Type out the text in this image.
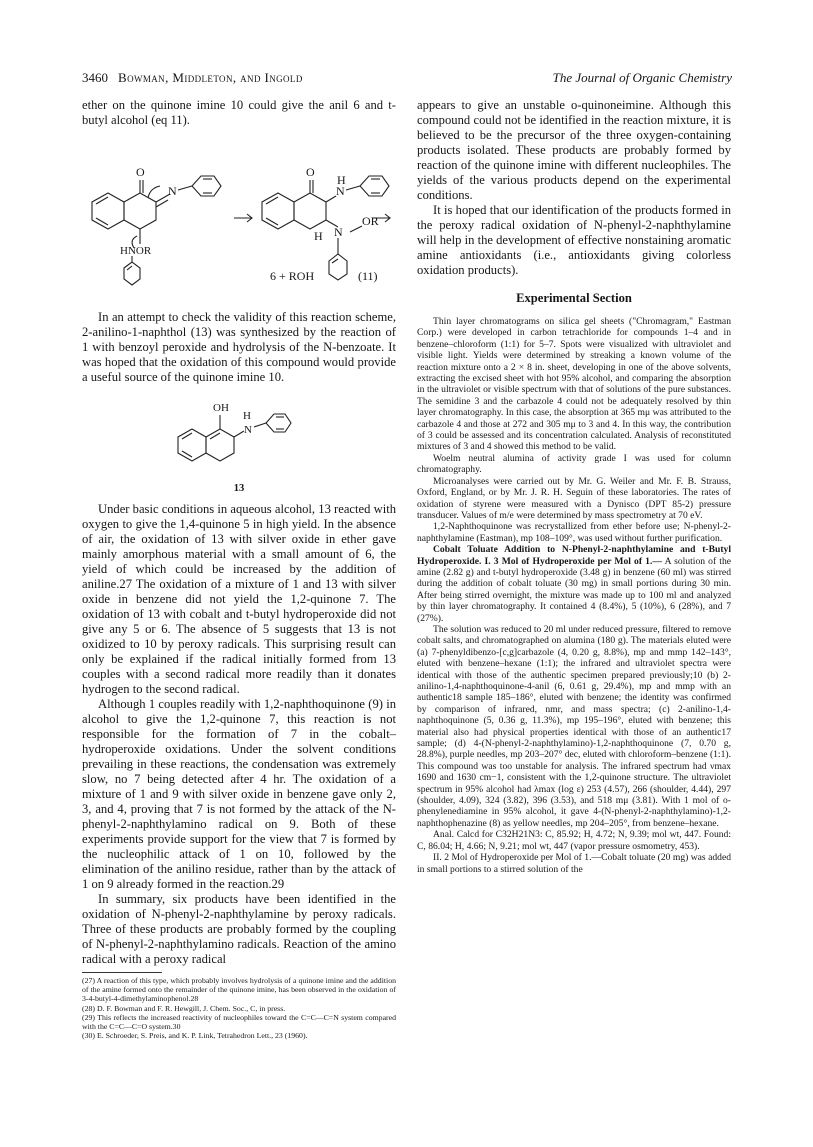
3460 Bowman, Middleton, and Ingold	The Journal of Organic Chemistry

ether on the quinone imine 10 could give the anil 6 and t-butyl alcohol (eq 11).

O
N
HNOR
O
H
N
OR
H N
6 + ROH	(11)

In an attempt to check the validity of this reaction scheme, 2-anilino-1-naphthol (13) was synthesized by the reaction of 1 with benzoyl peroxide and hydrolysis of the N-benzoate. It was hoped that the oxidation of this compound would provide a useful source of the quinone imine 10.

OH
H
N

13

Under basic conditions in aqueous alcohol, 13 reacted with oxygen to give the 1,4-quinone 5 in high yield. In the absence of air, the oxidation of 13 with silver oxide in ether gave mainly amorphous material with a small amount of 6, the yield of which could be increased by the addition of aniline.27 The oxidation of a mixture of 1 and 13 with silver oxide in benzene did not yield the 1,2-quinone 7. The oxidation of 13 with cobalt and t-butyl hydroperoxide did not give any 5 or 6. The absence of 5 suggests that 13 is not oxidized to 10 by peroxy radicals. This surprising result can only be explained if the radical initially formed from 13 couples with a second radical more readily than it donates hydrogen to the second radical.

Although 1 couples readily with 1,2-naphthoquinone (9) in alcohol to give the 1,2-quinone 7, this reaction is not responsible for the formation of 7 in the cobalt–hydroperoxide oxidations. Under the solvent conditions prevailing in these reactions, the condensation was extremely slow, no 7 being detected after 4 hr. The oxidation of a mixture of 1 and 9 with silver oxide in benzene gave only 2, 3, and 4, proving that 7 is not formed by the attack of the N-phenyl-2-naphthylamino radical on 9. Both of these experiments provide support for the view that 7 is formed by the nucleophilic attack of 1 on 10, followed by the elimination of the anilino residue, rather than by the attack of 1 on 9 already formed in the reaction.29

In summary, six products have been identified in the oxidation of N-phenyl-2-naphthylamine by peroxy radicals. Three of these products are probably formed by the coupling of N-phenyl-2-naphthylamino radicals. Reaction of the amino radical with a peroxy radical

(27) A reaction of this type, which probably involves hydrolysis of a quinone imine and the addition of the amine formed onto the remainder of the quinone imine, has been observed in the oxidation of 3-4-butyl-4-dimethylaminophenol.28

(28) D. F. Bowman and F. R. Hewgill, J. Chem. Soc., C, in press.

(29) This reflects the increased reactivity of nucleophiles toward the C=C—C=N system compared with the C=C—C=O system.30

(30) E. Schroeder, S. Preis, and K. P. Link, Tetrahedron Lett., 23 (1960).

appears to give an unstable o-quinoneimine. Although this compound could not be identified in the reaction mixture, it is believed to be the precursor of the three oxygen-containing products isolated. These products are probably formed by reaction of the quinone imine with different nucleophiles. The yields of the various products depend on the experimental conditions.

It is hoped that our identification of the products formed in the peroxy radical oxidation of N-phenyl-2-naphthylamine will help in the development of effective nonstaining aromatic amine antioxidants (i.e., antioxidants giving colorless oxidation products).

Experimental Section

Thin layer chromatograms on silica gel sheets ("Chromagram," Eastman Corp.) were developed in carbon tetrachloride for compounds 1–4 and in benzene–chloroform (1:1) for 5–7. Spots were visualized with ultraviolet and visible light. Yields were determined by streaking a known volume of the reaction mixture onto a 2 × 8 in. sheet, developing in one of the above solvents, extracting the excised sheet with hot 95% alcohol, and comparing the absorption in the ultraviolet or visible spectrum with that of solutions of the pure substances. The semidine 3 and the carbazole 4 could not be adequately resolved by thin layer chromatography. In this case, the absorption at 365 mμ was attributed to the carbazole 4 and those at 272 and 305 mμ to 3 and 4. In this way, the contribution of 3 could be assessed and its concentration calculated. Analysis of reconstituted mixtures of 3 and 4 showed this method to be valid.

Woelm neutral alumina of activity grade I was used for column chromatography.

Microanalyses were carried out by Mr. G. Weiler and Mr. F. B. Strauss, Oxford, England, or by Mr. J. R. H. Seguin of these laboratories. The rates of oxidation of styrene were measured with a Dynisco (DPT 85-2) pressure transducer. Values of m/e were determined by mass spectrometry at 70 eV.

1,2-Naphthoquinone was recrystallized from ether before use; N-phenyl-2-naphthylamine (Eastman), mp 108–109°, was used without further purification.

Cobalt Toluate Addition to N-Phenyl-2-naphthylamine and t-Butyl Hydroperoxide. I. 3 Mol of Hydroperoxide per Mol of 1.— A solution of the amine (2.82 g) and t-butyl hydroperoxide (3.48 g) in benzene (60 ml) was stirred during the addition of cobalt toluate (30 mg) in small portions during 30 min. After being stirred overnight, the mixture was made up to 100 ml and analyzed by thin layer chromatography. It contained 4 (8.4%), 5 (10%), 6 (28%), and 7 (27%).

The solution was reduced to 20 ml under reduced pressure, filtered to remove cobalt salts, and chromatographed on alumina (180 g). The materials eluted were (a) 7-phenyldibenzo-[c,g]carbazole (4, 0.20 g, 8.8%), mp and mmp 142–143°, eluted with benzene–hexane (1:1); the infrared and ultraviolet spectra were identical with those of the authentic specimen prepared previously;10 (b) 2-anilino-1,4-naphthoquinone-4-anil (6, 0.61 g, 29.4%), mp and mmp with an authentic18 sample 185–186°, eluted with benzene; the identity was confirmed by comparison of infrared, nmr, and mass spectra; (c) 2-anilino-1,4-naphthoquinone (5, 0.36 g, 11.3%), mp 195–196°, eluted with benzene; this material also had physical properties identical with those of an authentic17 sample; (d) 4-(N-phenyl-2-naphthylamino)-1,2-naphthoquinone (7, 0.70 g, 28.8%), purple needles, mp 203–207° dec, eluted with chloroform–benzene (1:1). This compound was too unstable for analysis. The infrared spectrum had νmax 1690 and 1630 cm−1, consistent with the 1,2-quinone structure. The ultraviolet spectrum in 95% alcohol had λmax (log ε) 253 (4.57), 266 (shoulder, 4.44), 297 (shoulder, 4.09), 324 (3.82), 396 (3.53), and 518 mμ (3.81). With 1 mol of o-phenylenediamine in 95% alcohol, it gave 4-(N-phenyl-2-naphthylamino)-1,2-naphthophenazine (8) as yellow needles, mp 204–205°, from benzene–hexane.

Anal. Calcd for C32H21N3: C, 85.92; H, 4.72; N, 9.39; mol wt, 447. Found: C, 86.04; H, 4.66; N, 9.21; mol wt, 447 (vapor pressure osmometry, 453).

II. 2 Mol of Hydroperoxide per Mol of 1.—Cobalt toluate (20 mg) was added in small portions to a stirred solution of the
